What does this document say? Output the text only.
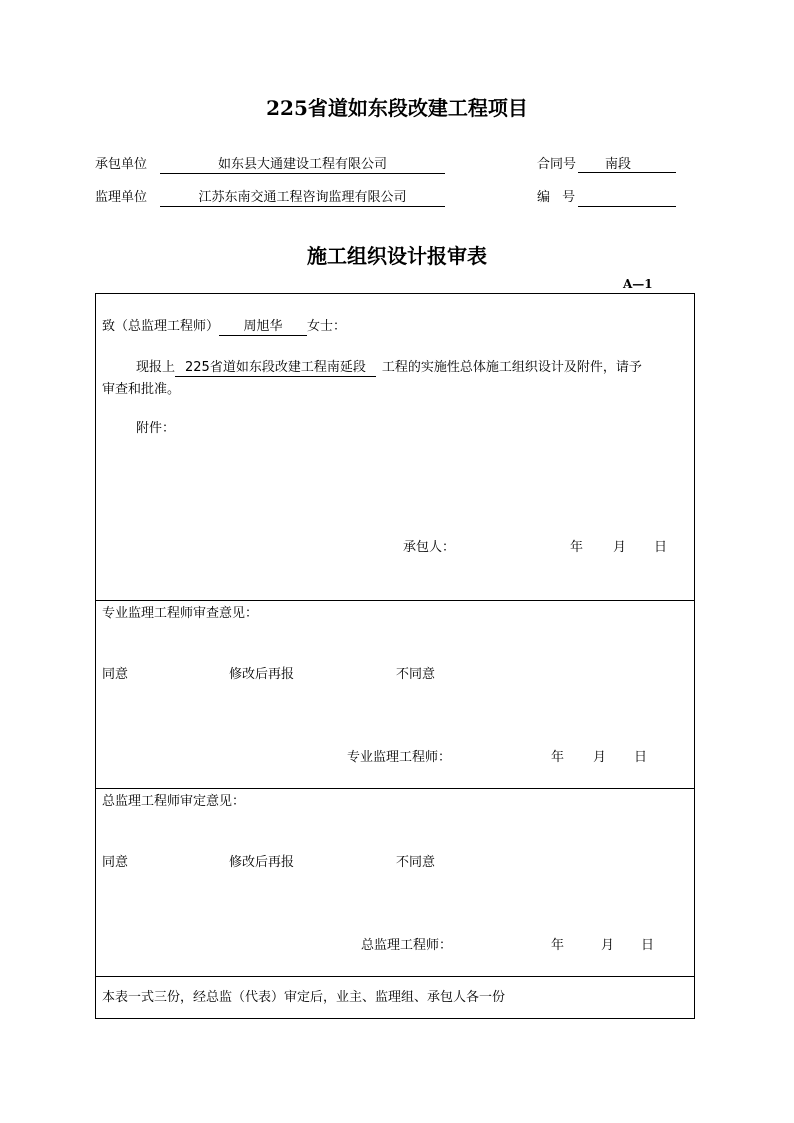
225省道如东段改建工程项目
承包单位	如东县大通建设工程有限公司	合同号	南段
监理单位	江苏东南交通工程咨询监理有限公司	编 号
施工组织设计报审表
A—1
致（总监理工程师） 周旭华 女士：
现报上 225省道如东段改建工程南延段 工程的实施性总体施工组织设计及附件，请予
审查和批准。
附件：
承包人：	年 月 日
专业监理工程师审查意见：
同意	修改后再报	不同意
专业监理工程师：	年 月 日
总监理工程师审定意见：
同意	修改后再报	不同意
总监理工程师：	年	月 日
本表一式三份，经总监（代表）审定后，业主、监理组、承包人各一份
